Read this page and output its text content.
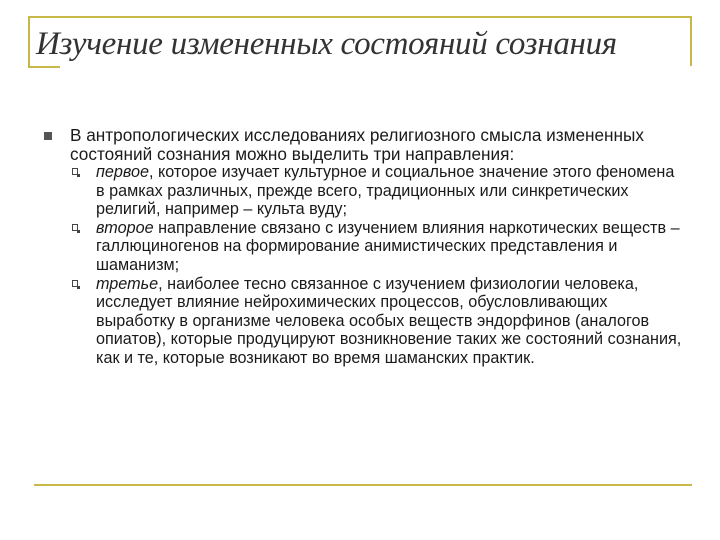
Изучение измененных состояний сознания
В антропологических исследованиях религиозного смысла измененных состояний сознания можно выделить три направления:
первое, которое изучает культурное и социальное значение этого феномена в рамках различных, прежде всего, традиционных или синкретических религий, например – культа вуду;
второе направление связано с изучением влияния наркотических веществ – галлюциногенов на формирование анимистических представления и шаманизм;
третье, наиболее тесно связанное с изучением физиологии человека, исследует влияние нейрохимических процессов, обусловливающих выработку в организме человека особых веществ эндорфинов (аналогов опиатов), которые продуцируют возникновение таких же состояний сознания, как и те, которые возникают во время шаманских практик.
